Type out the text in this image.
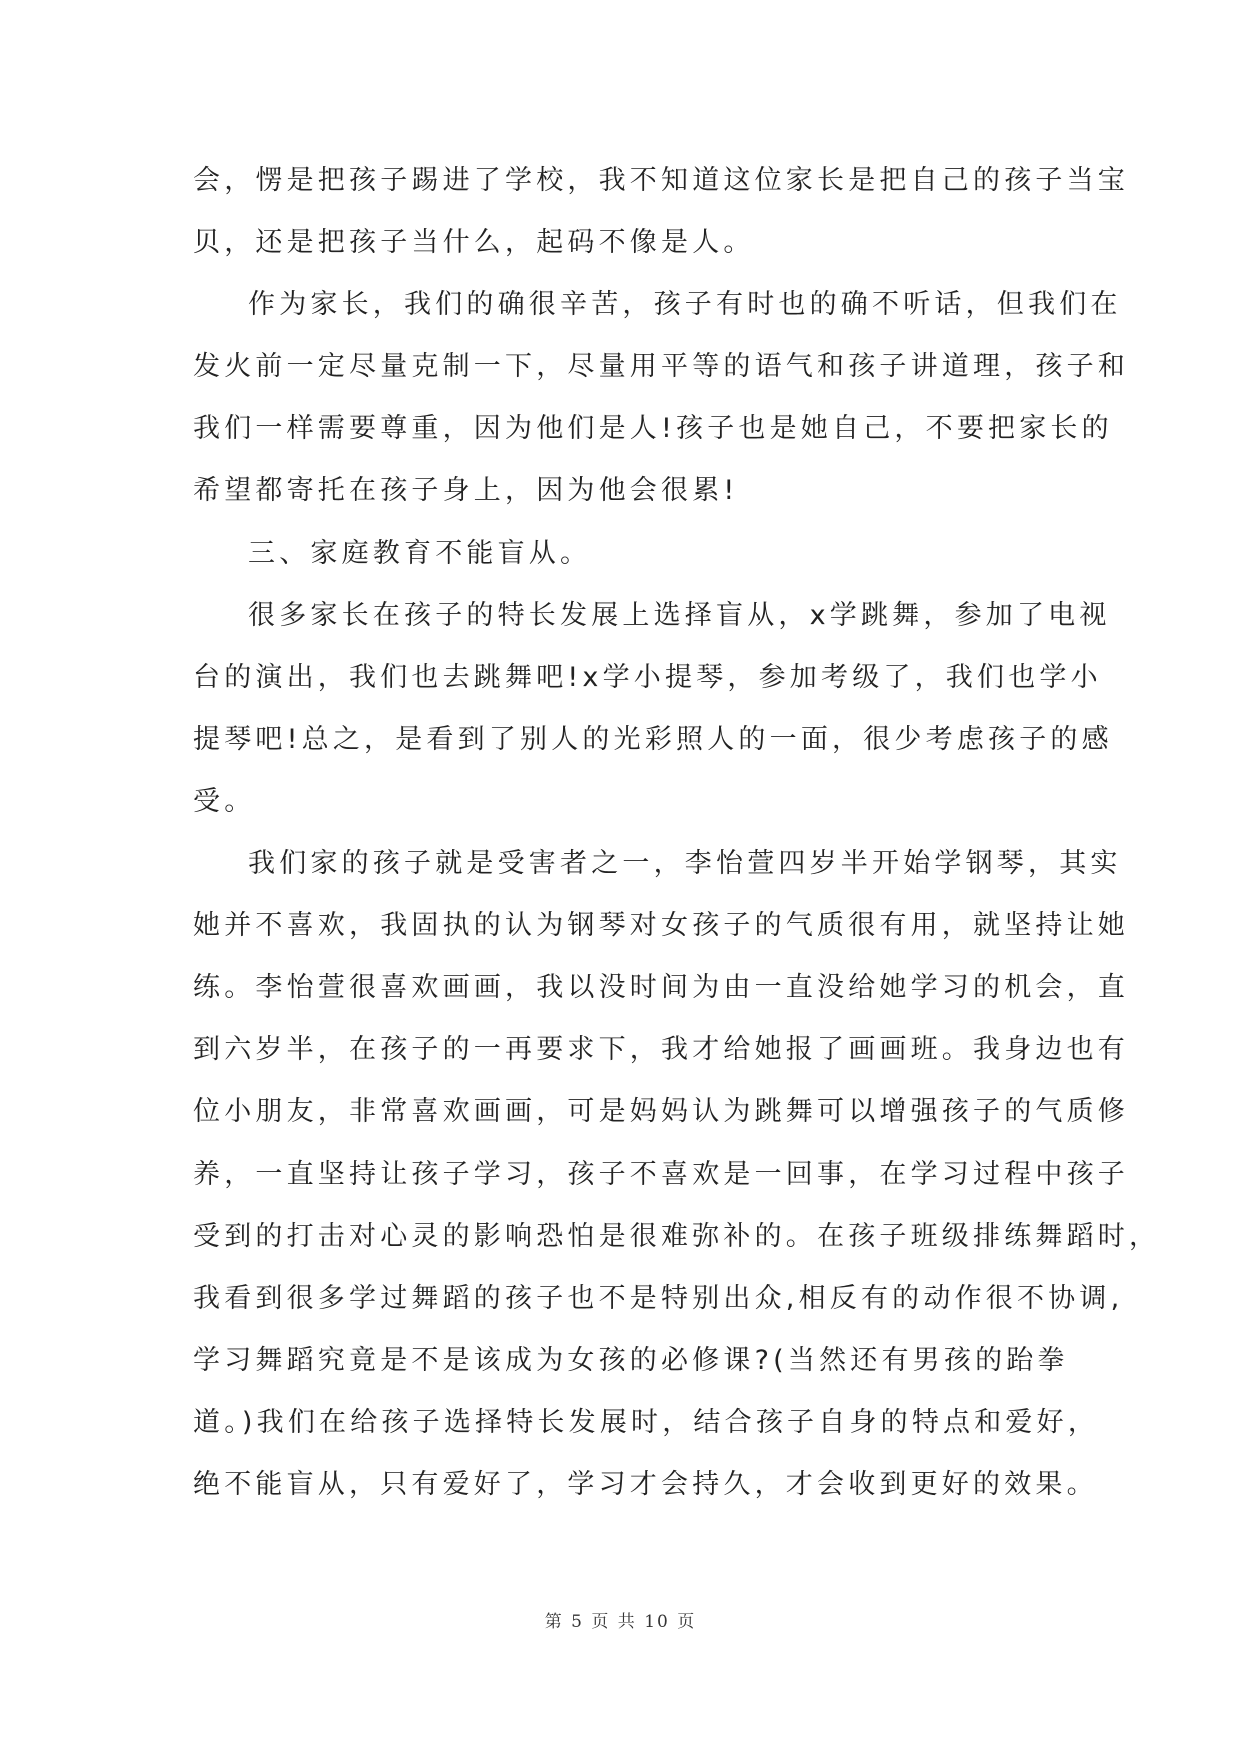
会，愣是把孩子踢进了学校，我不知道这位家长是把自己的孩子当宝
贝，还是把孩子当什么，起码不像是人。
作为家长，我们的确很辛苦，孩子有时也的确不听话，但我们在
发火前一定尽量克制一下，尽量用平等的语气和孩子讲道理，孩子和
我们一样需要尊重，因为他们是人!孩子也是她自己，不要把家长的
希望都寄托在孩子身上，因为他会很累!
三、家庭教育不能盲从。
很多家长在孩子的特长发展上选择盲从，x学跳舞，参加了电视
台的演出，我们也去跳舞吧!x学小提琴，参加考级了，我们也学小
提琴吧!总之，是看到了别人的光彩照人的一面，很少考虑孩子的感
受。
我们家的孩子就是受害者之一，李怡萱四岁半开始学钢琴，其实
她并不喜欢，我固执的认为钢琴对女孩子的气质很有用，就坚持让她
练。李怡萱很喜欢画画，我以没时间为由一直没给她学习的机会，直
到六岁半，在孩子的一再要求下，我才给她报了画画班。我身边也有
位小朋友，非常喜欢画画，可是妈妈认为跳舞可以增强孩子的气质修
养，一直坚持让孩子学习，孩子不喜欢是一回事，在学习过程中孩子
受到的打击对心灵的影响恐怕是很难弥补的。在孩子班级排练舞蹈时，
我看到很多学过舞蹈的孩子也不是特别出众,相反有的动作很不协调,
学习舞蹈究竟是不是该成为女孩的必修课?(当然还有男孩的跆拳
道。)我们在给孩子选择特长发展时，结合孩子自身的特点和爱好，
绝不能盲从，只有爱好了，学习才会持久，才会收到更好的效果。
第 5 页 共 10 页
